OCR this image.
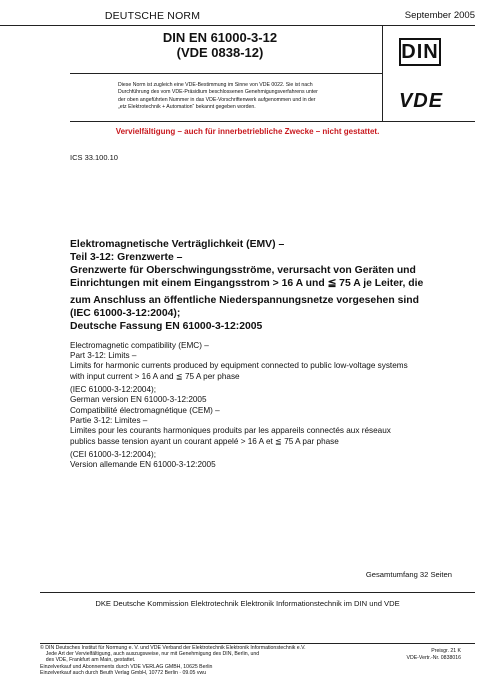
DEUTSCHE NORM	September 2005
DIN EN 61000-3-12
(VDE 0838-12)	DIN
VDE
Diese Norm ist zugleich eine VDE-Bestimmung im Sinne von VDE 0022. Sie ist nach
Durchführung des vom VDE-Präsidium beschlossenen Genehmigungsverfahrens unter
der oben angeführten Nummer in das VDE-Vorschriftenwerk aufgenommen und in der
„etz Elektrotechnik + Automation“ bekannt gegeben worden.
Vervielfältigung – auch für innerbetriebliche Zwecke – nicht gestattet.
ICS 33.100.10
Elektromagnetische Verträglichkeit (EMV) –
Teil 3-12: Grenzwerte –
Grenzwerte für Oberschwingungsströme, verursacht von Geräten und
Einrichtungen mit einem Eingangsstrom > 16 A und ≦ 75 A je Leiter, die
zum Anschluss an öffentliche Niederspannungsnetze vorgesehen sind
(IEC 61000-3-12:2004);
Deutsche Fassung EN 61000-3-12:2005
Electromagnetic compatibility (EMC) –
Part 3-12: Limits –
Limits for harmonic currents produced by equipment connected to public low-voltage systems
with input current > 16 A and ≦ 75 A per phase
(IEC 61000-3-12:2004);
German version EN 61000-3-12:2005
Compatibilité électromagnétique (CEM) –
Partie 3-12: Limites –
Limites pour les courants harmoniques produits par les appareils connectés aux réseaux
publics basse tension ayant un courant appelé > 16 A et ≦ 75 A par phase
(CEI 61000-3-12:2004);
Version allemande EN 61000-3-12:2005
Gesamtumfang 32 Seiten
DKE Deutsche Kommission Elektrotechnik Elektronik Informationstechnik im DIN und VDE
© DIN Deutsches Institut für Normung e. V. und VDE Verband der Elektrotechnik Elektronik Informationstechnik e.V.
Jede Art der Vervielfältigung, auch auszugsweise, nur mit Genehmigung des DIN, Berlin, und
des VDE, Frankfurt am Main, gestattet.
Einzelverkauf und Abonnements durch VDE VERLAG GMBH, 10625 Berlin
Einzelverkauf auch durch Beuth Verlag GmbH, 10772 Berlin · 09.05 vwu
Preisgr. 21 K
VDE-Vertr.-Nr. 0838016
